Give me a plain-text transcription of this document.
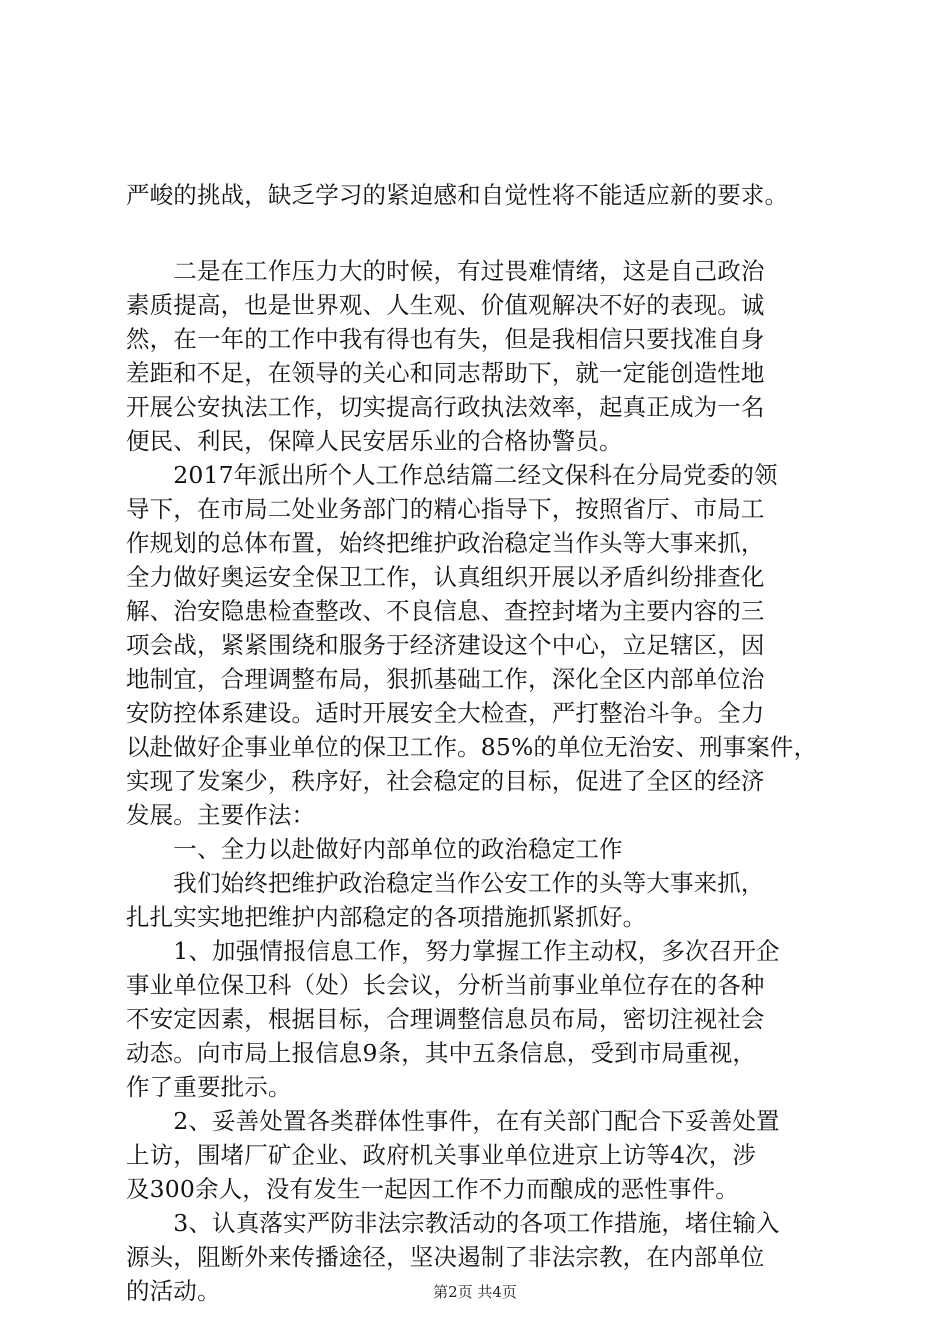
严峻的挑战，缺乏学习的紧迫感和自觉性将不能适应新的要求。
　　二是在工作压力大的时候，有过畏难情绪，这是自己政治
素质提高，也是世界观、人生观、价值观解决不好的表现。诚
然，在一年的工作中我有得也有失，但是我相信只要找准自身
差距和不足，在领导的关心和同志帮助下，就一定能创造性地
开展公安执法工作，切实提高行政执法效率，起真正成为一名
便民、利民，保障人民安居乐业的合格协警员。
　　2017年派出所个人工作总结篇二经文保科在分局党委的领
导下，在市局二处业务部门的精心指导下，按照省厅、市局工
作规划的总体布置，始终把维护政治稳定当作头等大事来抓，
全力做好奥运安全保卫工作，认真组织开展以矛盾纠纷排查化
解、治安隐患检查整改、不良信息、查控封堵为主要内容的三
项会战，紧紧围绕和服务于经济建设这个中心，立足辖区，因
地制宜，合理调整布局，狠抓基础工作，深化全区内部单位治
安防控体系建设。适时开展安全大检查，严打整治斗争。全力
以赴做好企事业单位的保卫工作。85%的单位无治安、刑事案件，
实现了发案少，秩序好，社会稳定的目标，促进了全区的经济
发展。主要作法：
　　一、全力以赴做好内部单位的政治稳定工作
　　我们始终把维护政治稳定当作公安工作的头等大事来抓，
扎扎实实地把维护内部稳定的各项措施抓紧抓好。
　　1、加强情报信息工作，努力掌握工作主动权，多次召开企
事业单位保卫科（处）长会议，分析当前事业单位存在的各种
不安定因素，根据目标，合理调整信息员布局，密切注视社会
动态。向市局上报信息9条，其中五条信息，受到市局重视，
作了重要批示。
　　2、妥善处置各类群体性事件，在有关部门配合下妥善处置
上访，围堵厂矿企业、政府机关事业单位进京上访等4次，涉
及300余人，没有发生一起因工作不力而酿成的恶性事件。
　　3、认真落实严防非法宗教活动的各项工作措施，堵住输入
源头，阻断外来传播途径，坚决遏制了非法宗教，在内部单位
的活动。	第2页 共4页
